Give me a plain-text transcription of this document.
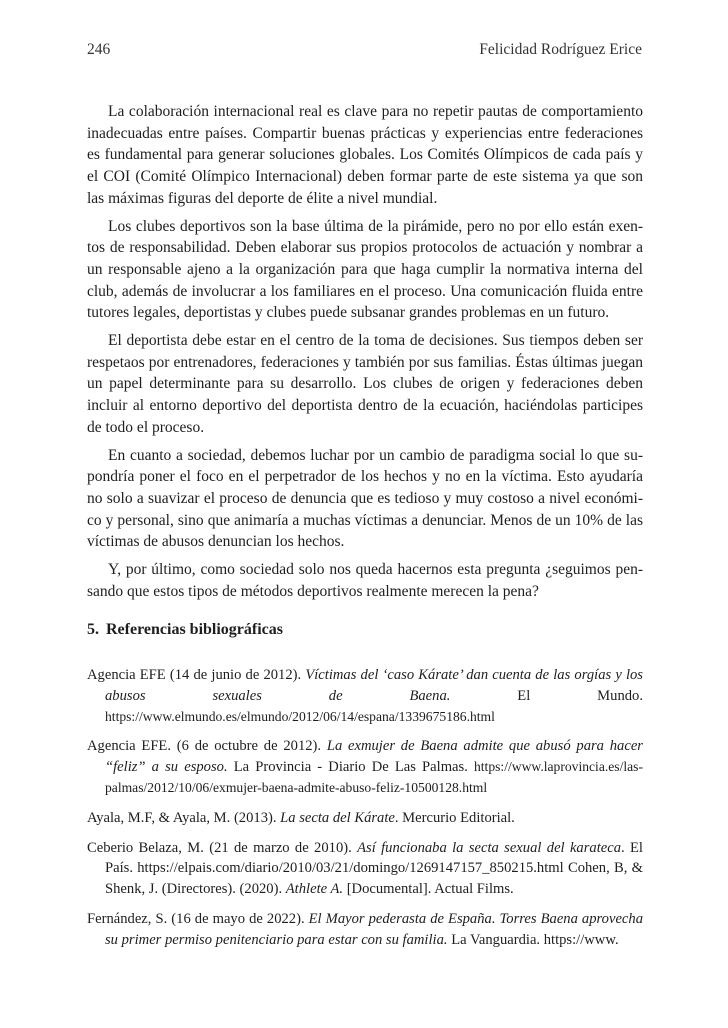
246	Felicidad Rodríguez Erice

La colaboración internacional real es clave para no repetir pautas de comportamiento inadecuadas entre países. Compartir buenas prácticas y experiencias entre federaciones es fundamental para generar soluciones globales. Los Comités Olímpicos de cada país y el COI (Comité Olímpico Internacional) deben formar parte de este sistema ya que son las máximas figuras del deporte de élite a nivel mundial.

Los clubes deportivos son la base última de la pirámide, pero no por ello están exentos de responsabilidad. Deben elaborar sus propios protocolos de actuación y nombrar a un responsable ajeno a la organización para que haga cumplir la normativa interna del club, además de involucrar a los familiares en el proceso. Una comunicación fluida entre tutores legales, deportistas y clubes puede subsanar grandes problemas en un futuro.

El deportista debe estar en el centro de la toma de decisiones. Sus tiempos deben ser respetaos por entrenadores, federaciones y también por sus familias. Éstas últimas juegan un papel determinante para su desarrollo. Los clubes de origen y federaciones deben incluir al entorno deportivo del deportista dentro de la ecuación, haciéndolas participes de todo el proceso.

En cuanto a sociedad, debemos luchar por un cambio de paradigma social lo que supondría poner el foco en el perpetrador de los hechos y no en la víctima. Esto ayudaría no solo a suavizar el proceso de denuncia que es tedioso y muy costoso a nivel económico y personal, sino que animaría a muchas víctimas a denunciar. Menos de un 10% de las víctimas de abusos denuncian los hechos.

Y, por último, como sociedad solo nos queda hacernos esta pregunta ¿seguimos pensando que estos tipos de métodos deportivos realmente merecen la pena?

5. Referencias bibliográficas

Agencia EFE (14 de junio de 2012). Víctimas del ‘caso Kárate’ dan cuenta de las orgías y los abusos sexuales de Baena. El Mundo. https://www.elmundo.es/elmundo/2012/06/14/espana/1339675186.html

Agencia EFE. (6 de octubre de 2012). La exmujer de Baena admite que abusó para hacer “feliz” a su esposo. La Provincia - Diario De Las Palmas. https://www.laprovincia.es/laspalmas/2012/10/06/exmujer-baena-admite-abuso-feliz-10500128.html

Ayala, M.F, & Ayala, M. (2013). La secta del Kárate. Mercurio Editorial.

Ceberio Belaza, M. (21 de marzo de 2010). Así funcionaba la secta sexual del karateca. El País. https://elpais.com/diario/2010/03/21/domingo/1269147157_850215.html Cohen, B, & Shenk, J. (Directores). (2020). Athlete A. [Documental]. Actual Films.

Fernández, S. (16 de mayo de 2022). El Mayor pederasta de España. Torres Baena aprovecha su primer permiso penitenciario para estar con su familia. La Vanguardia. https://www.
